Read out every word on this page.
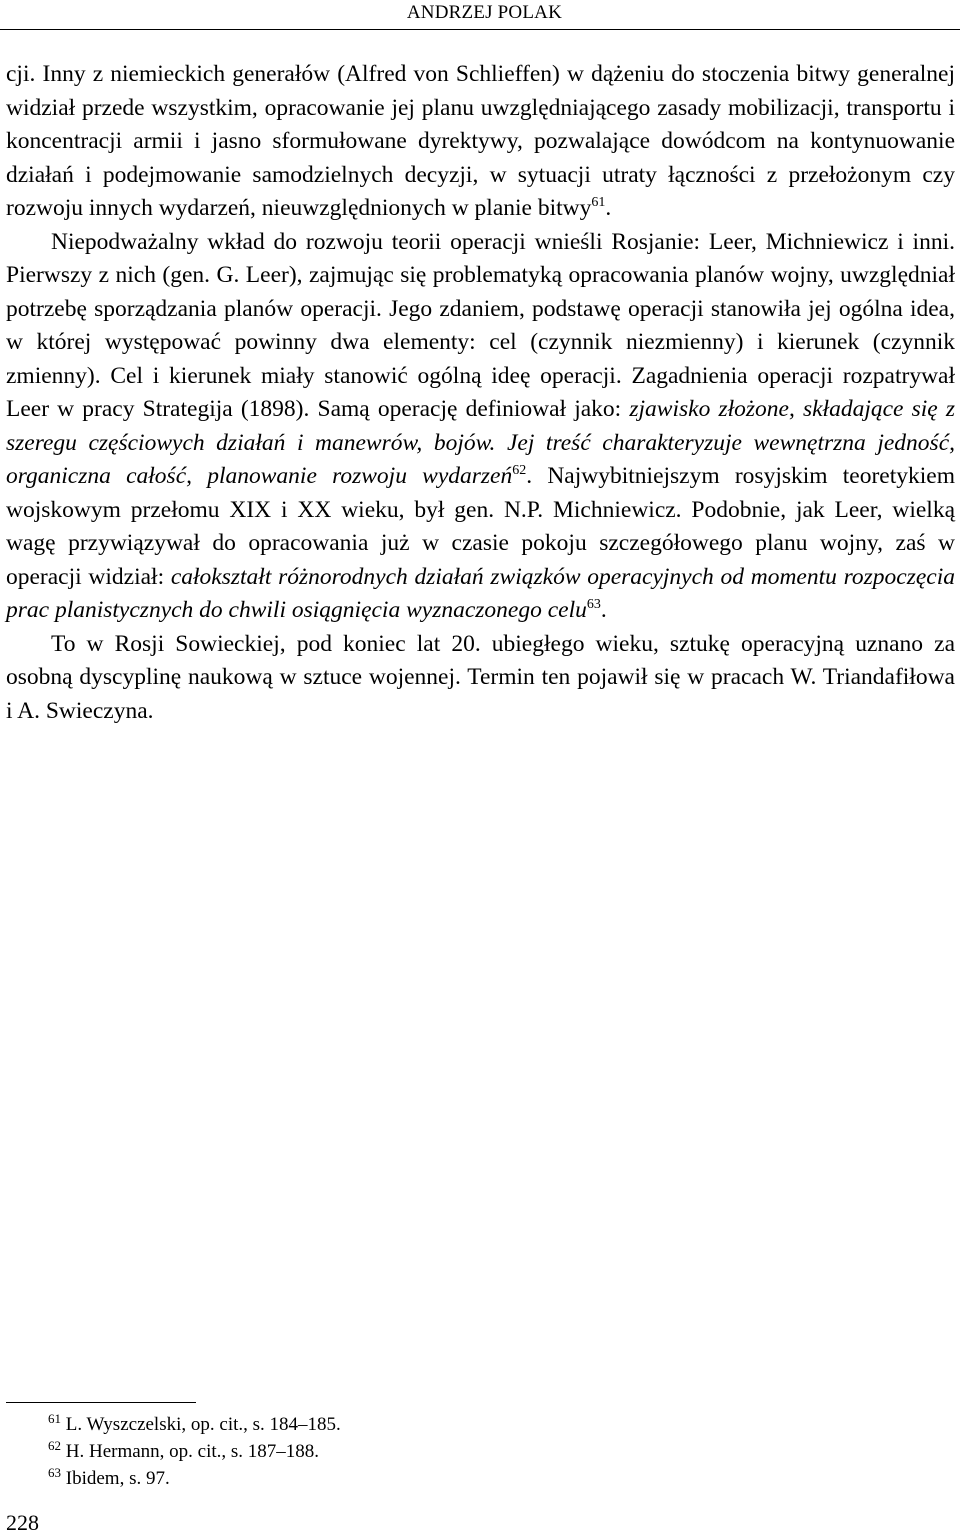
ANDRZEJ POLAK

cji. Inny z niemieckich generałów (Alfred von Schlieffen) w dążeniu do stoczenia bitwy generalnej widział przede wszystkim, opracowanie jej planu uwzględniającego zasady mobilizacji, transportu i koncentracji armii i jasno sformułowane dyrektywy, pozwalające dowódcom na kontynuowanie działań i podejmowanie samodzielnych decyzji, w sytuacji utraty łączności z przełożonym czy rozwoju innych wydarzeń, nieuwzględnionych w planie bitwy$^{61}$.

Niepodważalny wkład do rozwoju teorii operacji wnieśli Rosjanie: Leer, Michniewicz i inni. Pierwszy z nich (gen. G. Leer), zajmując się problematyką opracowania planów wojny, uwzględniał potrzebę sporządzania planów operacji. Jego zdaniem, podstawę operacji stanowiła jej ogólna idea, w której występować powinny dwa elementy: cel (czynnik niezmienny) i kierunek (czynnik zmienny). Cel i kierunek miały stanowić ogólną ideę operacji. Zagadnienia operacji rozpatrywał Leer w pracy Strategija (1898). Samą operację definiował jako: zjawisko złożone, składające się z szeregu częściowych działań i manewrów, bojów. Jej treść charakteryzuje wewnętrzna jedność, organiczna całość, planowanie rozwoju wydarzeń$^{62}$. Najwybitniejszym rosyjskim teoretykiem wojskowym przełomu XIX i XX wieku, był gen. N.P. Michniewicz. Podobnie, jak Leer, wielką wagę przywiązywał do opracowania już w czasie pokoju szczegółowego planu wojny, zaś w operacji widział: całokształt różnorodnych działań związków operacyjnych od momentu rozpoczęcia prac planistycznych do chwili osiągnięcia wyznaczonego celu$^{63}$.

To w Rosji Sowieckiej, pod koniec lat 20. ubiegłego wieku, sztukę operacyjną uznano za osobną dyscyplinę naukową w sztuce wojennej. Termin ten pojawił się w pracach W. Triandafiłowa i A. Swieczyna.

$^{61}$ L. Wyszczelski, op. cit., s. 184–185.
$^{62}$ H. Hermann, op. cit., s. 187–188.
$^{63}$ Ibidem, s. 97.
228
